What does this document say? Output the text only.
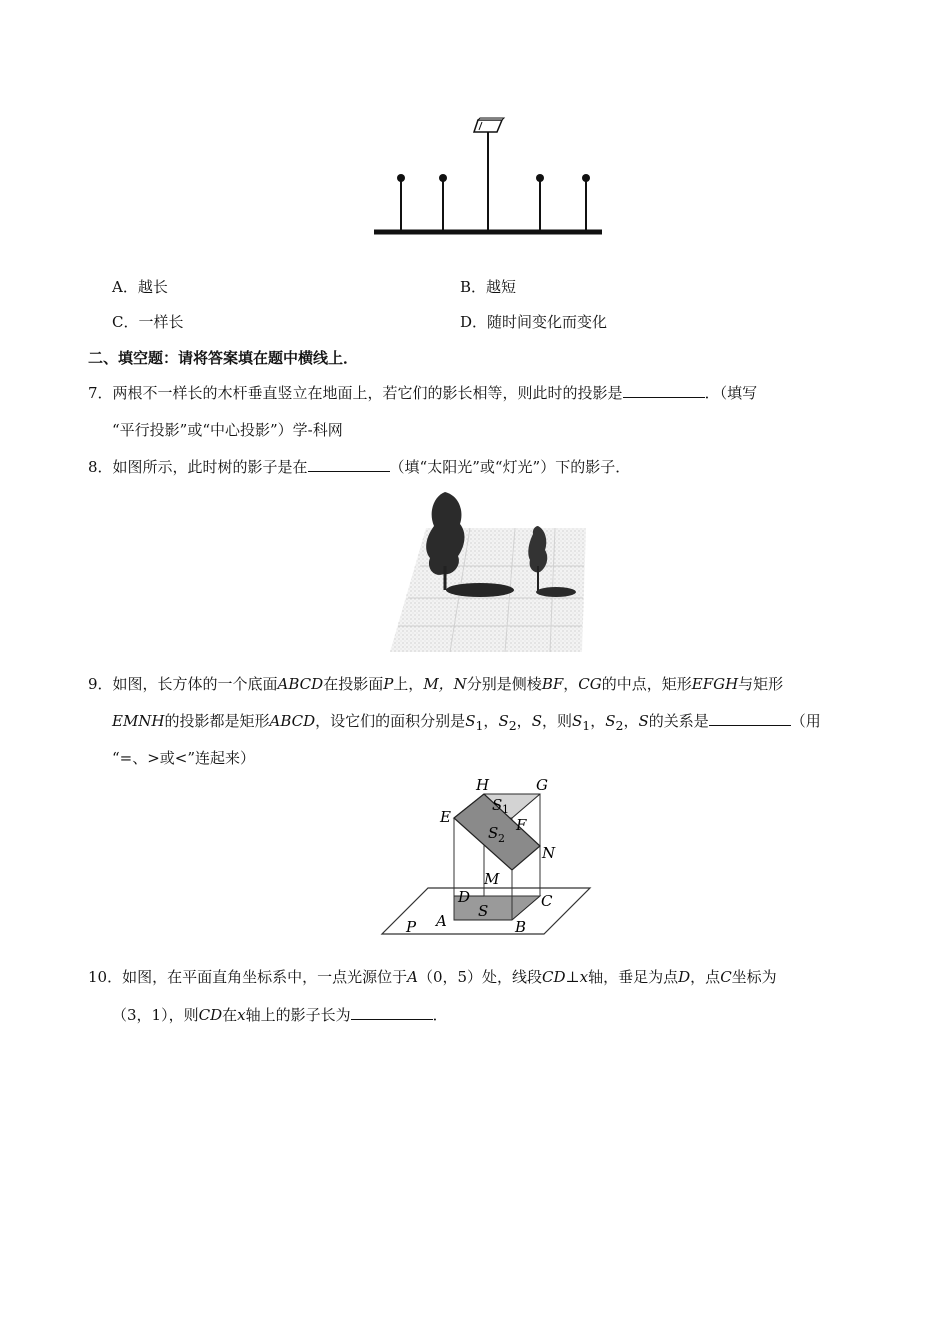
A．越长	B．越短
C．一样长	D．随时间变化而变化
二、填空题：请将答案填在题中横线上．
7．两根不一样长的木杆垂直竖立在地面上，若它们的影长相等，则此时的投影是	．（填写
“平行投影”或“中心投影”）学-科网
8．如图所示，此时树的影子是在	（填“太阳光”或“灯光”）下的影子．
9．如图，长方体的一个底面ABCD在投影面P上，M，N分别是侧棱BF，CG的中点，矩形EFGH与矩形
EMNH的投影都是矩形ABCD，设它们的面积分别是$S_1$，$S_2$，S，则$S_1$，$S_2$，S的关系是	（用
“=、>或<”连起来）
H	G
E	F
N
M
D	C
A	B
P
S 1
S 2
S
10．如图，在平面直角坐标系中，一点光源位于A（0，5）处，线段CD⊥x轴，垂足为点D，点C坐标为
（3，1），则CD在x轴上的影子长为	．
